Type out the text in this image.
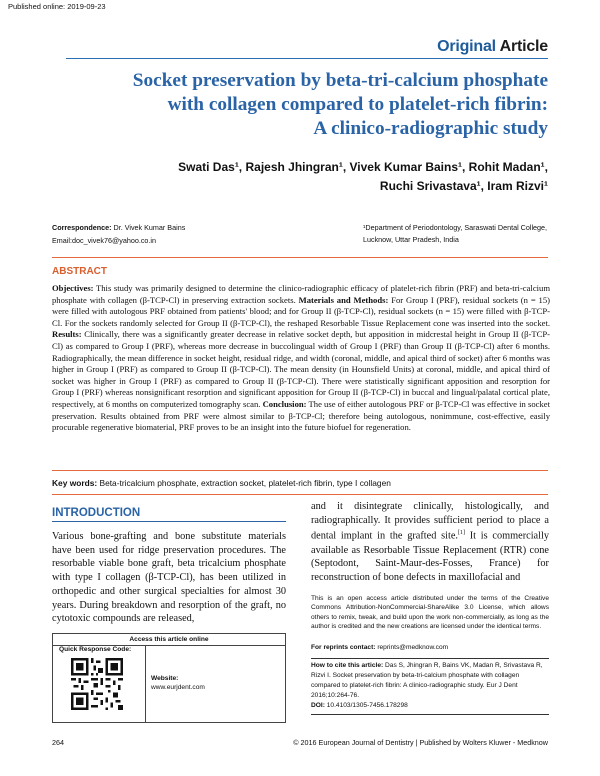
Published online: 2019-09-23
Original Article
Socket preservation by beta-tri-calcium phosphate
with collagen compared to platelet-rich fibrin:
A clinico-radiographic study
Swati Das¹, Rajesh Jhingran¹, Vivek Kumar Bains¹, Rohit Madan¹,
Ruchi Srivastava¹, Iram Rizvi¹
Correspondence: Dr. Vivek Kumar Bains
Email:doc_vivek76@yahoo.co.in
¹Department of Periodontology, Saraswati Dental College, Lucknow, Uttar Pradesh, India
ABSTRACT
Objectives: This study was primarily designed to determine the clinico-radiographic efficacy of platelet-rich fibrin (PRF) and beta-tri-calcium phosphate with collagen (β-TCP-Cl) in preserving extraction sockets. Materials and Methods: For Group I (PRF), residual sockets (n = 15) were filled with autologous PRF obtained from patients' blood; and for Group II (β-TCP-Cl), residual sockets (n = 15) were filled with β-TCP-Cl. For the sockets randomly selected for Group II (β-TCP-Cl), the reshaped Resorbable Tissue Replacement cone was inserted into the socket. Results: Clinically, there was a significantly greater decrease in relative socket depth, but apposition in midcrestal height in Group II (β-TCP-Cl) as compared to Group I (PRF), whereas more decrease in buccolingual width of Group I (PRF) than Group II (β-TCP-Cl) after 6 months. Radiographically, the mean difference in socket height, residual ridge, and width (coronal, middle, and apical third of socket) after 6 months was higher in Group I (PRF) as compared to Group II (β-TCP-Cl). The mean density (in Hounsfield Units) at coronal, middle, and apical third of socket was higher in Group I (PRF) as compared to Group II (β-TCP-Cl). There were statistically significant apposition and resorption for Group I (PRF) whereas nonsignificant resorption and significant apposition for Group II (β-TCP-Cl) in buccal and lingual/palatal cortical plate, respectively, at 6 months on computerized tomography scan. Conclusion: The use of either autologous PRF or β-TCP-Cl was effective in socket preservation. Results obtained from PRF were almost similar to β-TCP-Cl; therefore being autologous, nonimmune, cost-effective, easily procurable regenerative biomaterial, PRF proves to be an insight into the future biofuel for regeneration.
Key words: Beta-tricalcium phosphate, extraction socket, platelet-rich fibrin, type I collagen
INTRODUCTION
Various bone-grafting and bone substitute materials have been used for ridge preservation procedures. The resorbable viable bone graft, beta tricalcium phosphate with type I collagen (β-TCP-Cl), has been utilized in orthopedic and other surgical specialties for almost 30 years. During breakdown and resorption of the graft, no cytotoxic compounds are released,
and it disintegrate clinically, histologically, and radiographically. It provides sufficient period to place a dental implant in the grafted site.[1] It is commercially available as Resorbable Tissue Replacement (RTR) cone (Septodont, Saint-Maur-des-Fosses, France) for reconstruction of bone defects in maxillofacial and
This is an open access article distributed under the terms of the Creative Commons Attribution-NonCommercial-ShareAlike 3.0 License, which allows others to remix, tweak, and build upon the work non-commercially, as long as the author is credited and the new creations are licensed under the identical terms.
For reprints contact: reprints@medknow.com
How to cite this article: Das S, Jhingran R, Bains VK, Madan R, Srivastava R, Rizvi I. Socket preservation by beta-tri-calcium phosphate with collagen compared to platelet-rich fibrin: A clinico-radiographic study. Eur J Dent 2016;10:264-76.
DOI: 10.4103/1305-7456.178298
Access this article online
Quick Response Code:
Website:
www.eurjdent.com
264	© 2016 European Journal of Dentistry | Published by Wolters Kluwer - Medknow
